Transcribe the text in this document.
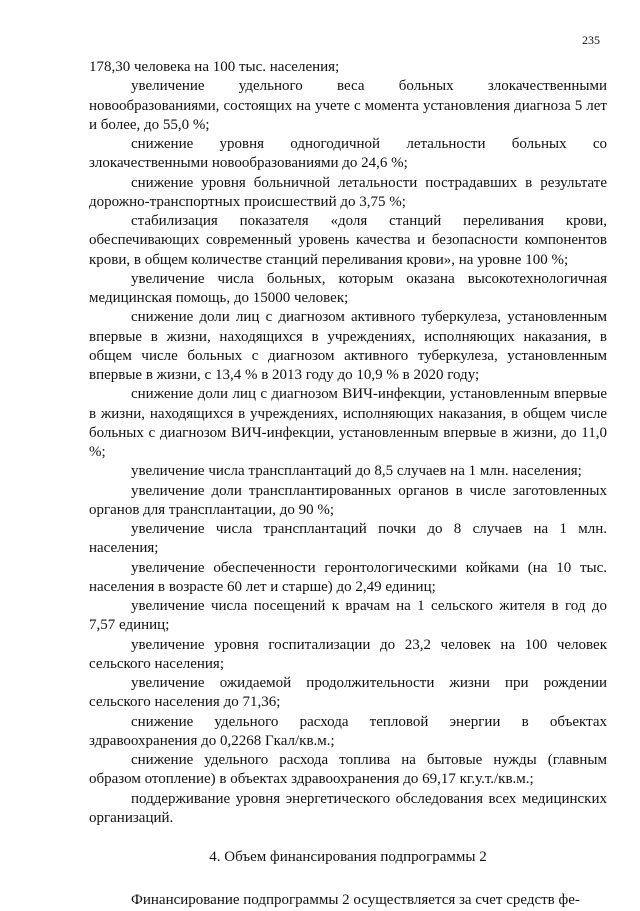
235

178,30 человека на 100 тыс. населения;

увеличение удельного веса больных злокачественными новообразованиями, состоящих на учете с момента установления диагноза 5 лет и более, до 55,0 %;

снижение уровня одногодичной летальности больных со злокачественными новообразованиями до 24,6 %;

снижение уровня больничной летальности пострадавших в результате дорожно-транспортных происшествий до 3,75 %;

стабилизация показателя «доля станций переливания крови, обеспечивающих современный уровень качества и безопасности компонентов крови, в общем количестве станций переливания крови», на уровне 100 %;

увеличение числа больных, которым оказана высокотехнологичная медицинская помощь, до 15000 человек;

снижение доли лиц с диагнозом активного туберкулеза, установленным впервые в жизни, находящихся в учреждениях, исполняющих наказания, в общем числе больных с диагнозом активного туберкулеза, установленным впервые в жизни, с 13,4 % в 2013 году до 10,9 % в 2020 году;

снижение доли лиц с диагнозом ВИЧ-инфекции, установленным впервые в жизни, находящихся в учреждениях, исполняющих наказания, в общем числе больных с диагнозом ВИЧ-инфекции, установленным впервые в жизни, до 11,0 %;

увеличение числа трансплантаций до 8,5 случаев на 1 млн. населения;

увеличение доли трансплантированных органов в числе заготовленных органов для трансплантации, до 90 %;

увеличение числа трансплантаций почки до 8 случаев на 1 млн. населения;

увеличение обеспеченности геронтологическими койками (на 10 тыс. населения в возрасте 60 лет и старше) до 2,49 единиц;

увеличение числа посещений к врачам на 1 сельского жителя в год до 7,57 единиц;

увеличение уровня госпитализации до 23,2 человек на 100 человек сельского населения;

увеличение ожидаемой продолжительности жизни при рождении сельского населения до 71,36;

снижение удельного расхода тепловой энергии в объектах здравоохранения до 0,2268 Гкал/кв.м.;

снижение удельного расхода топлива на бытовые нужды (главным образом отопление) в объектах здравоохранения до 69,17 кг.у.т./кв.м.;

поддерживание уровня энергетического обследования всех медицинских организаций.

4. Объем финансирования подпрограммы 2

Финансирование подпрограммы 2 осуществляется за счет средств фе-
